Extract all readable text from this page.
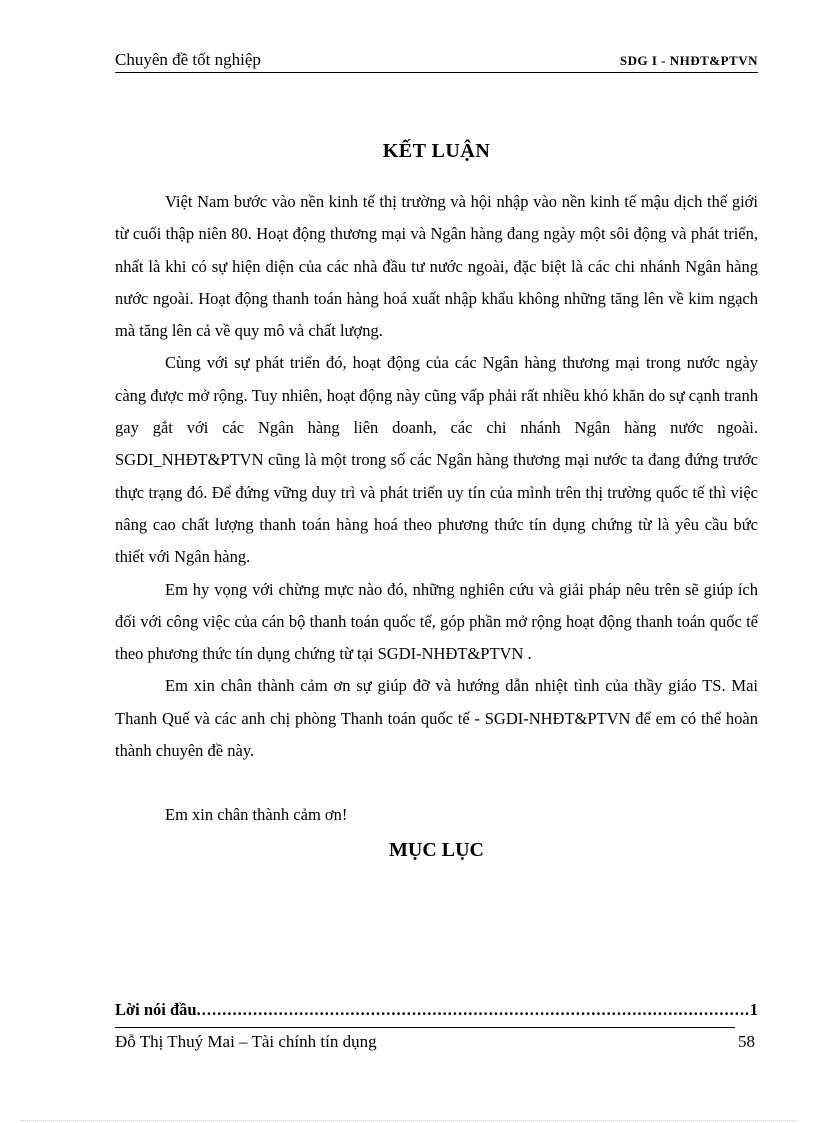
Chuyên đề tốt nghiệp	SDG I - NHĐT&PTVN
KẾT LUẬN

Việt Nam bước vào nền kinh tế thị trường và hội nhập vào nền kinh tế mậu dịch thế giới từ cuối thập niên 80. Hoạt động thương mại và Ngân hàng đang ngày một sôi động và phát triển, nhất là khi có sự hiện diện của các nhà đầu tư nước ngoài, đặc biệt là các chi nhánh Ngân hàng nước ngoài. Hoạt động thanh toán hàng hoá xuất nhập khẩu không những tăng lên về kim ngạch mà tăng lên cả về quy mô và chất lượng.

Cùng với sự phát triển đó, hoạt động của các Ngân hàng thương mại trong nước ngày càng được mở rộng. Tuy nhiên, hoạt động này cũng vấp phải rất nhiều khó khăn do sự cạnh tranh gay gắt với các Ngân hàng liên doanh, các chi nhánh Ngân hàng nước ngoài. SGDI_NHĐT&PTVN cũng là một trong số các Ngân hàng thương mại nước ta đang đứng trước thực trạng đó. Để đứng vững duy trì và phát triển uy tín của mình trên thị trường quốc tế thì việc nâng cao chất lượng thanh toán hàng hoá theo phương thức tín dụng chứng từ là yêu cầu bức thiết với Ngân hàng.

Em hy vọng với chừng mực nào đó, những nghiên cứu và giải pháp nêu trên sẽ giúp ích đối với công việc của cán bộ thanh toán quốc tế, góp phần mở rộng hoạt động thanh toán quốc tế theo phương thức tín dụng chứng từ tại SGDI-NHĐT&PTVN .

Em xin chân thành cảm ơn sự giúp đỡ và hướng dẫn nhiệt tình của thầy giáo TS. Mai Thanh Quế và các anh chị phòng Thanh toán quốc tế - SGDI-NHĐT&PTVN để em có thể hoàn thành chuyên đề này.

Em xin chân thành cảm ơn!

MỤC LỤC

Lời nói đầu
.....	1
Đỗ Thị Thuý Mai – Tài chính tín dụng	58
